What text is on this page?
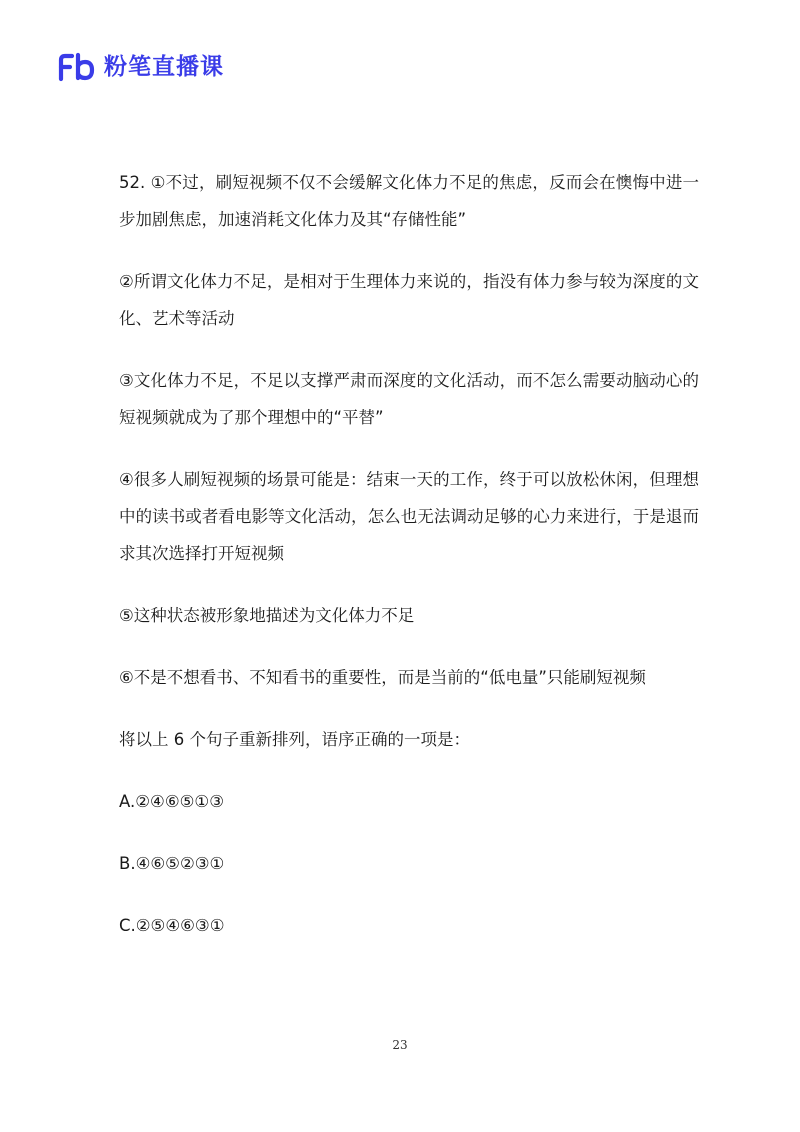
粉笔直播课

52. ①不过，刷短视频不仅不会缓解文化体力不足的焦虑，反而会在懊悔中进一步加剧焦虑，加速消耗文化体力及其“存储性能”

②所谓文化体力不足，是相对于生理体力来说的，指没有体力参与较为深度的文化、艺术等活动

③文化体力不足，不足以支撑严肃而深度的文化活动，而不怎么需要动脑动心的短视频就成为了那个理想中的“平替”

④很多人刷短视频的场景可能是：结束一天的工作，终于可以放松休闲，但理想中的读书或者看电影等文化活动，怎么也无法调动足够的心力来进行，于是退而求其次选择打开短视频

⑤这种状态被形象地描述为文化体力不足

⑥不是不想看书、不知看书的重要性，而是当前的“低电量”只能刷短视频

将以上 6 个句子重新排列，语序正确的一项是：

A.②④⑥⑤①③

B.④⑥⑤②③①

C.②⑤④⑥③①

23
